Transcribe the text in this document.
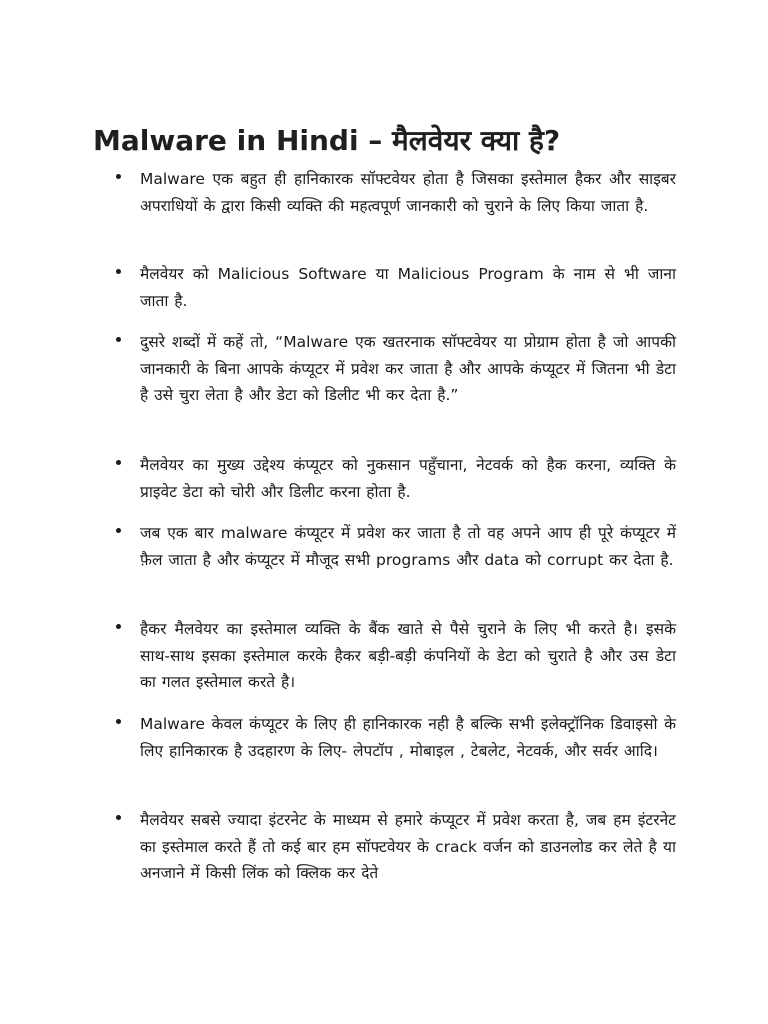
Malware in Hindi – मैलवेयर क्या है?
Malware एक बहुत ही हानिकारक सॉफ्टवेयर होता है जिसका इस्तेमाल हैकर और साइबर अपराधियों के द्वारा किसी व्यक्ति की महत्वपूर्ण जानकारी को चुराने के लिए किया जाता है.
मैलवेयर को Malicious Software या Malicious Program के नाम से भी जाना जाता है.
दुसरे शब्दों में कहें तो, “Malware एक खतरनाक सॉफ्टवेयर या प्रोग्राम होता है जो आपकी जानकारी के बिना आपके कंप्यूटर में प्रवेश कर जाता है और आपके कंप्यूटर में जितना भी डेटा है उसे चुरा लेता है और डेटा को डिलीट भी कर देता है.”
मैलवेयर का मुख्य उद्देश्य कंप्यूटर को नुकसान पहुँचाना, नेटवर्क को हैक करना, व्यक्ति के प्राइवेट डेटा को चोरी और डिलीट करना होता है.
जब एक बार malware कंप्यूटर में प्रवेश कर जाता है तो वह अपने आप ही पूरे कंप्यूटर में फ़ैल जाता है और कंप्यूटर में मौजूद सभी programs और data को corrupt कर देता है.
हैकर मैलवेयर का इस्तेमाल व्यक्ति के बैंक खाते से पैसे चुराने के लिए भी करते है। इसके साथ-साथ इसका इस्तेमाल करके हैकर बड़ी-बड़ी कंपनियों के डेटा को चुराते है और उस डेटा का गलत इस्तेमाल करते है।
Malware केवल कंप्यूटर के लिए ही हानिकारक नही है बल्कि सभी इलेक्ट्रॉनिक डिवाइसो के लिए हानिकारक है उदहारण के लिए- लेपटॉप , मोबाइल , टेबलेट, नेटवर्क, और सर्वर आदि।
मैलवेयर सबसे ज्यादा इंटरनेट के माध्यम से हमारे कंप्यूटर में प्रवेश करता है, जब हम इंटरनेट का इस्तेमाल करते हैं तो कई बार हम सॉफ्टवेयर के crack वर्जन को डाउनलोड कर लेते है या अनजाने में किसी लिंक को क्लिक कर देते
